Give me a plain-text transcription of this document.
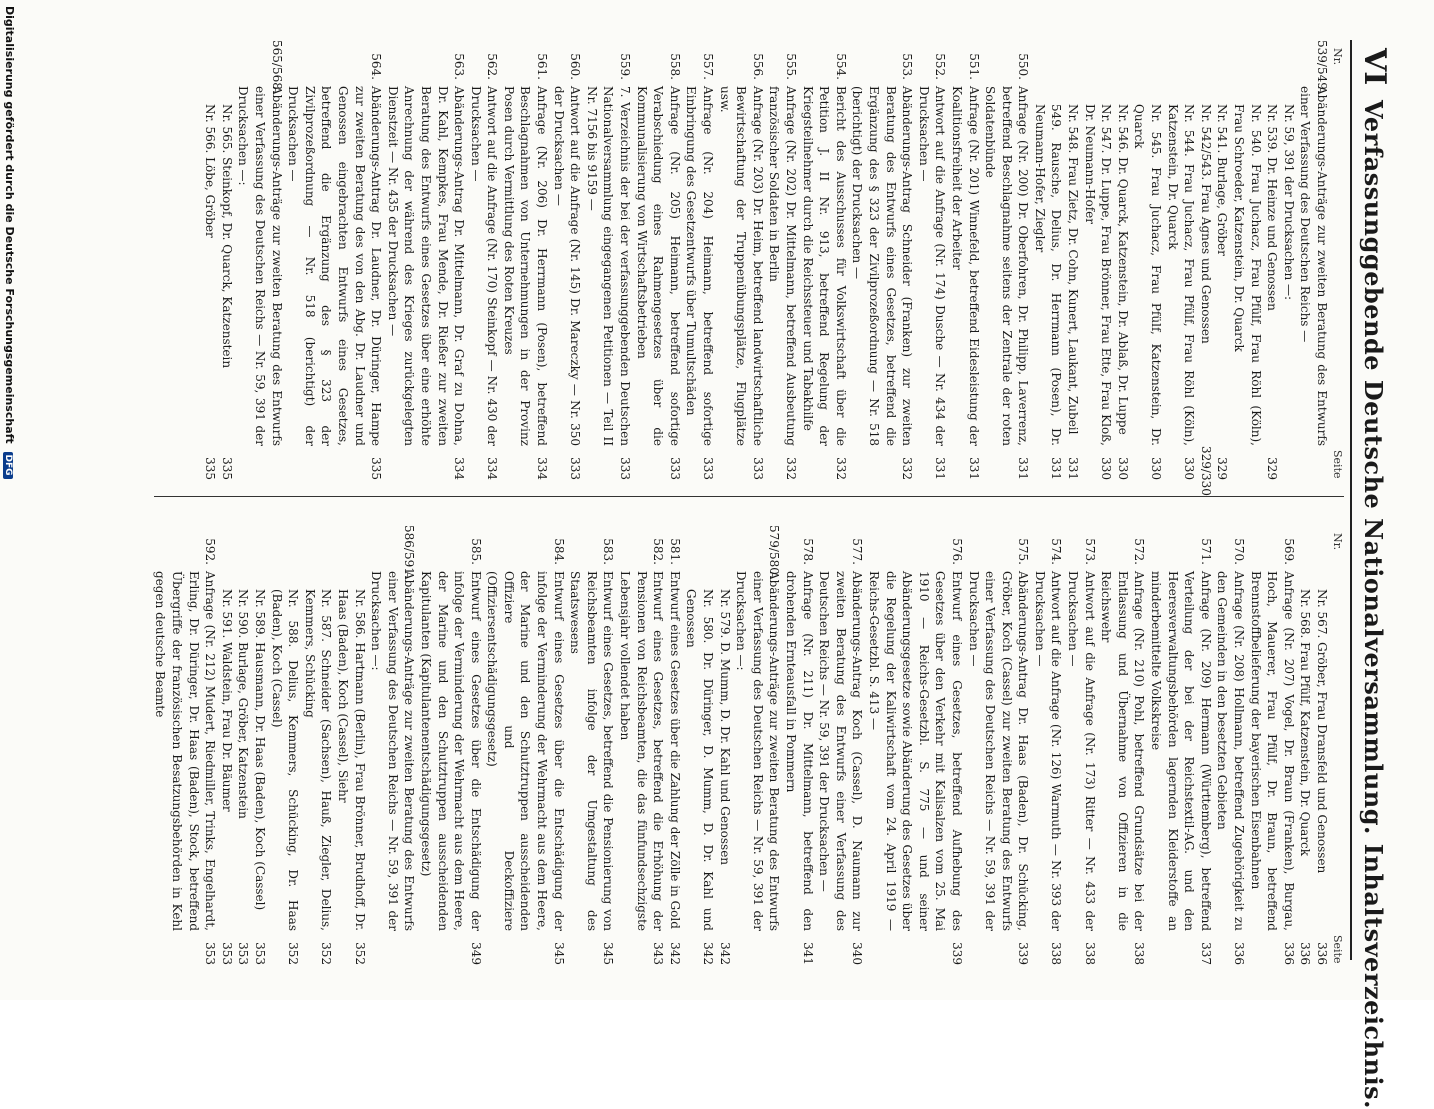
VI
Verfassunggebende Deutsche Nationalversammlung. Inhaltsverzeichnis.
Nr.
Seite
Nr.
Seite
539/549.
Abänderungs-Anträge zur zweiten Beratung des Entwurfs einer Verfassung des Deutschen Reichs —
Nr. 59, 391 der Drucksachen —:
Nr. 539. Dr. Heinze und Genossen
329
Nr. 540. Frau Juchacz, Frau Pfülf, Frau Röhl (Köln), Frau Schroeder, Katzenstein, Dr. Quarck
Nr. 541. Burlage, Gröber
329
Nr. 542/543. Frau Agnes und Genossen
329/330
Nr. 544. Frau Juchacz, Frau Pfülf, Frau Röhl (Köln), Katzenstein, Dr. Quarck
330
Nr. 545. Frau Juchacz, Frau Pfülf, Katzenstein, Dr. Quarck
330
Nr. 546. Dr. Quarck, Katzenstein, Dr. Ablaß, Dr. Luppe
330
Nr. 547. Dr. Luppe, Frau Brönner, Frau Ette, Frau Kloß, Dr. Neumann-Hofer
330
Nr. 548. Frau Zietz, Dr. Cohn, Kunert, Laukant, Zubeil
331
549. Rausche, Delius, Dr. Herrmann (Posen), Dr. Neumann-Hofer, Ziegler
331
550.
Anfrage (Nr. 200) Dr. Oberfohren, Dr. Philipp, Laverrenz, betreffend Beschlagnahme seitens der Zentrale der roten Soldatenbünde
331
551.
Anfrage (Nr. 201) Winnefeld, betreffend Eidesleistung der Koalitionsfreiheit der Arbeiter
331
552.
Antwort auf die Anfrage (Nr. 174) Dusche — Nr. 434 der Drucksachen —
331
553.
Abänderungs-Antrag Schneider (Franken) zur zweiten Beratung des Entwurfs eines Gesetzes, betreffend die Ergänzung des § 323 der Zivilprozeßordnung — Nr. 518 (berichtigt) der Drucksachen —
332
554.
Bericht des Ausschusses für Volkswirtschaft über die Petition J. II Nr. 913, betreffend Regelung der Kriegsteilnehmer durch die Reichssteuer und Tabakhilfe
332
555.
Anfrage (Nr. 202) Dr. Mittelmann, betreffend Ausbeutung französischer Soldaten in Berlin
332
556.
Anfrage (Nr. 203) Dr. Heim, betreffend landwirtschaftliche Bewirtschaftung der Truppenübungsplätze, Flugplätze usw.
333
557.
Anfrage (Nr. 204) Heimann, betreffend sofortige Einbringung des Gesetzentwurfs über Tumultschäden
333
558.
Anfrage (Nr. 205) Heimann, betreffend sofortige Verabschiedung eines Rahmengesetzes über die Kommunalisierung von Wirtschaftsbetrieben
333
559.
7. Verzeichnis der bei der verfassunggebenden Deutschen Nationalversammlung eingegangenen Petitionen — Teil II Nr. 7156 bis 9159 —
333
560.
Antwort auf die Anfrage (Nr. 145) Dr. Mareczky — Nr. 350 der Drucksachen —
333
561.
Anfrage (Nr. 206) Dr. Herrmann (Posen), betreffend Beschlagnahmen von Unternehmungen in der Provinz Posen durch Vermittlung des Roten Kreuzes
334
562.
Antwort auf die Anfrage (Nr. 170) Steinkopf — Nr. 430 der Drucksachen —
334
563.
Abänderungs-Antrag Dr. Mittelmann, Dr. Graf zu Dohna, Dr. Kahl, Kempkes, Frau Mende, Dr. Rießer zur zweiten Beratung des Entwurfs eines Gesetzes über eine erhöhte Anrechnung der während des Krieges zurückgelegten Dienstzeit — Nr. 435 der Drucksachen —
334
564.
Abänderungs-Antrag Dr. Laudner, Dr. Düringer, Hampe zur zweiten Beratung des von den Abg. Dr. Laudner und Genossen eingebrachten Entwurfs eines Gesetzes, betreffend die Ergänzung des § 323 der Zivilprozeßordnung — Nr. 518 (berichtigt) der Drucksachen —
335
565/568.
Abänderungs-Anträge zur zweiten Beratung des Entwurfs einer Verfassung des Deutschen Reichs — Nr. 59, 391 der Drucksachen —:
Nr. 565. Steinkopf, Dr. Quarck, Katzenstein
335
Nr. 566. Löbe, Gröber
335
Nr. 567. Gröber, Frau Dransfeld und Genossen
336
Nr. 568. Frau Pfülf, Katzenstein, Dr. Quarck
336
569.
Anfrage (Nr. 207) Vogel, Dr. Braun (Franken), Burgau, Hoch, Mauerer, Frau Pfülf, Dr. Braun, betreffend Brennstoffbelieferung der bayerischen Eisenbahnen
336
570.
Anfrage (Nr. 208) Hollmann, betreffend Zugehörigkeit zu den Gemeinden in den besetzten Gebieten
336
571.
Anfrage (Nr. 209) Hermann (Württemberg), betreffend Verteilung der bei der Reichstextil-AG. und den Heeresverwaltungsbehörden lagernden Kleiderstoffe an minderbemittelte Volkskreise
337
572.
Anfrage (Nr. 210) Pohl, betreffend Grundsätze bei der Entlassung und Übernahme von Offizieren in die Reichswehr
338
573.
Antwort auf die Anfrage (Nr. 173) Ritter — Nr. 433 der Drucksachen —
338
574.
Antwort auf die Anfrage (Nr. 126) Warmuth — Nr. 393 der Drucksachen —
338
575.
Abänderungs-Antrag Dr. Haas (Baden), Dr. Schücking, Gröber, Koch (Cassel) zur zweiten Beratung des Entwurfs einer Verfassung des Deutschen Reichs — Nr. 59, 391 der Drucksachen —
339
576.
Entwurf eines Gesetzes, betreffend Aufhebung des Gesetzes über den Verkehr mit Kalisalzen vom 25. Mai 1910 — Reichs-Gesetzbl. S. 775 — und seiner Abänderungsgesetze sowie Abänderung des Gesetzes über die Regelung der Kaliwirtschaft vom 24. April 1919 — Reichs-Gesetzbl. S. 413 —
339
577.
Abänderungs-Antrag Koch (Cassel), D. Naumann zur zweiten Beratung des Entwurfs einer Verfassung des Deutschen Reichs — Nr. 59, 391 der Drucksachen —
340
578.
Anfrage (Nr. 211) Dr. Mittelmann, betreffend den drohenden Ernteausfall in Pommern
341
579/580.
Abänderungs-Anträge zur zweiten Beratung des Entwurfs einer Verfassung des Deutschen Reichs — Nr. 59, 391 der Drucksachen —:
Nr. 579. D. Mumm, D. Dr. Kahl und Genossen
342
Nr. 580. Dr. Düringer, D. Mumm, D. Dr. Kahl und Genossen
342
581.
Entwurf eines Gesetzes über die Zahlung der Zölle in Gold
342
582.
Entwurf eines Gesetzes, betreffend die Erhöhung der Pensionen von Reichsbeamten, die das fünfundsechzigste Lebensjahr vollendet haben
343
583.
Entwurf eines Gesetzes, betreffend die Pensionierung von Reichsbeamten infolge der Umgestaltung des Staatswesens
345
584.
Entwurf eines Gesetzes über die Entschädigung der infolge der Verminderung der Wehrmacht aus dem Heere, der Marine und den Schutztruppen ausscheidenden Offiziere und Deckoffiziere (Offiziersentschädigungsgesetz)
345
585.
Entwurf eines Gesetzes über die Entschädigung der infolge der Verminderung der Wehrmacht aus dem Heere, der Marine und den Schutztruppen ausscheidenden Kapitulanten (Kapitulantenentschädigungsgesetz)
349
586/591.
Abänderungs-Anträge zur zweiten Beratung des Entwurfs einer Verfassung des Deutschen Reichs — Nr. 59, 391 der Drucksachen —:
Nr. 586. Hartmann (Berlin), Frau Brönner, Brudhoff, Dr. Haas (Baden), Koch (Cassel), Siehr
352
Nr. 587. Schneider (Sachsen), Hauß, Ziegler, Delius, Kemmers, Schücking
352
Nr. 588. Delius, Kemmers, Schücking, Dr. Haas (Baden), Koch (Cassel)
352
Nr. 589. Hausmann, Dr. Haas (Baden), Koch (Cassel)
353
Nr. 590. Burlage, Gröber, Katzenstein
353
Nr. 591. Waldstein, Frau Dr. Bäumer
353
592.
Anfrage (Nr. 212) Mudert, Riedmiller, Trinks, Engelhardt, Erling, Dr. Düringer, Dr. Haas (Baden), Stock, betreffend Übergriffe der französischen Besatzungsbehörden in Kehl gegen deutsche Beamte
353
Digitalisierung gefördert durch die Deutsche Forschungsgemeinschaft DFG
